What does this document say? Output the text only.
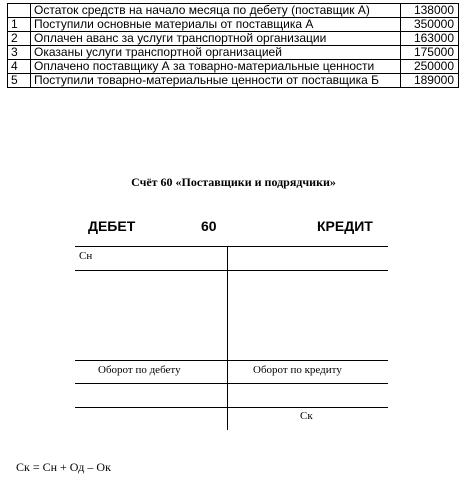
	Остаток средств на начало месяца по дебету (поставщик А)	138000
1	Поступили основные материалы от поставщика А	350000
2	Оплачен аванс за услуги транспортной организации	163000
3	Оказаны услуги транспортной организацией	175000
4	Оплачено поставщику А за товарно-материальные ценности	250000
5	Поступили товарно-материальные ценности от поставщика Б	189000
Счёт 60 «Поставщики и подрядчики»
ДЕБЕТ	60	КРЕДИТ
Сн
Оборот по дебету	Оборот по кредиту
Ск
Ск = Сн + Од – Ок
